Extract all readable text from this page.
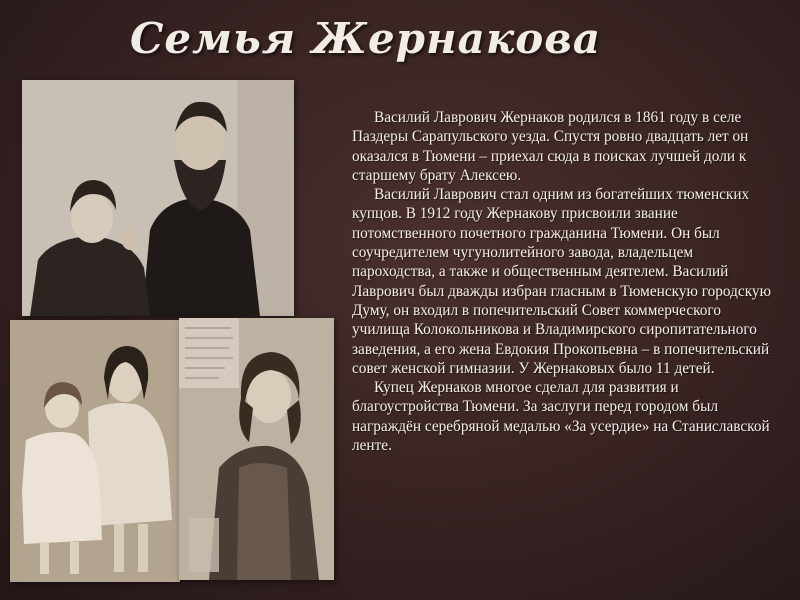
Семья Жернакова

Василий Лаврович Жернаков родился в 1861 году в селе Паздеры Сарапульского уезда. Спустя ровно двадцать лет он оказался в Тюмени – приехал сюда в поисках лучшей доли к старшему брату Алексею.

Василий Лаврович стал одним из богатейших тюменских купцов. В 1912 году Жернакову присвоили звание потомственного почетного гражданина Тюмени. Он был соучредителем чугунолитейного завода, владельцем пароходства, а также и общественным деятелем. Василий Лаврович был дважды избран гласным в Тюменскую городскую Думу, он входил в попечительский Совет коммерческого училища Колокольникова и Владимирского сиропитательного заведения, а его жена Евдокия Прокопьевна – в попечительский совет женской гимназии. У Жернаковых было 11 детей.

Купец Жернаков многое сделал для развития и благоустройства Тюмени. За заслуги перед городом был награждён серебряной медалью «За усердие» на Станиславской ленте.
